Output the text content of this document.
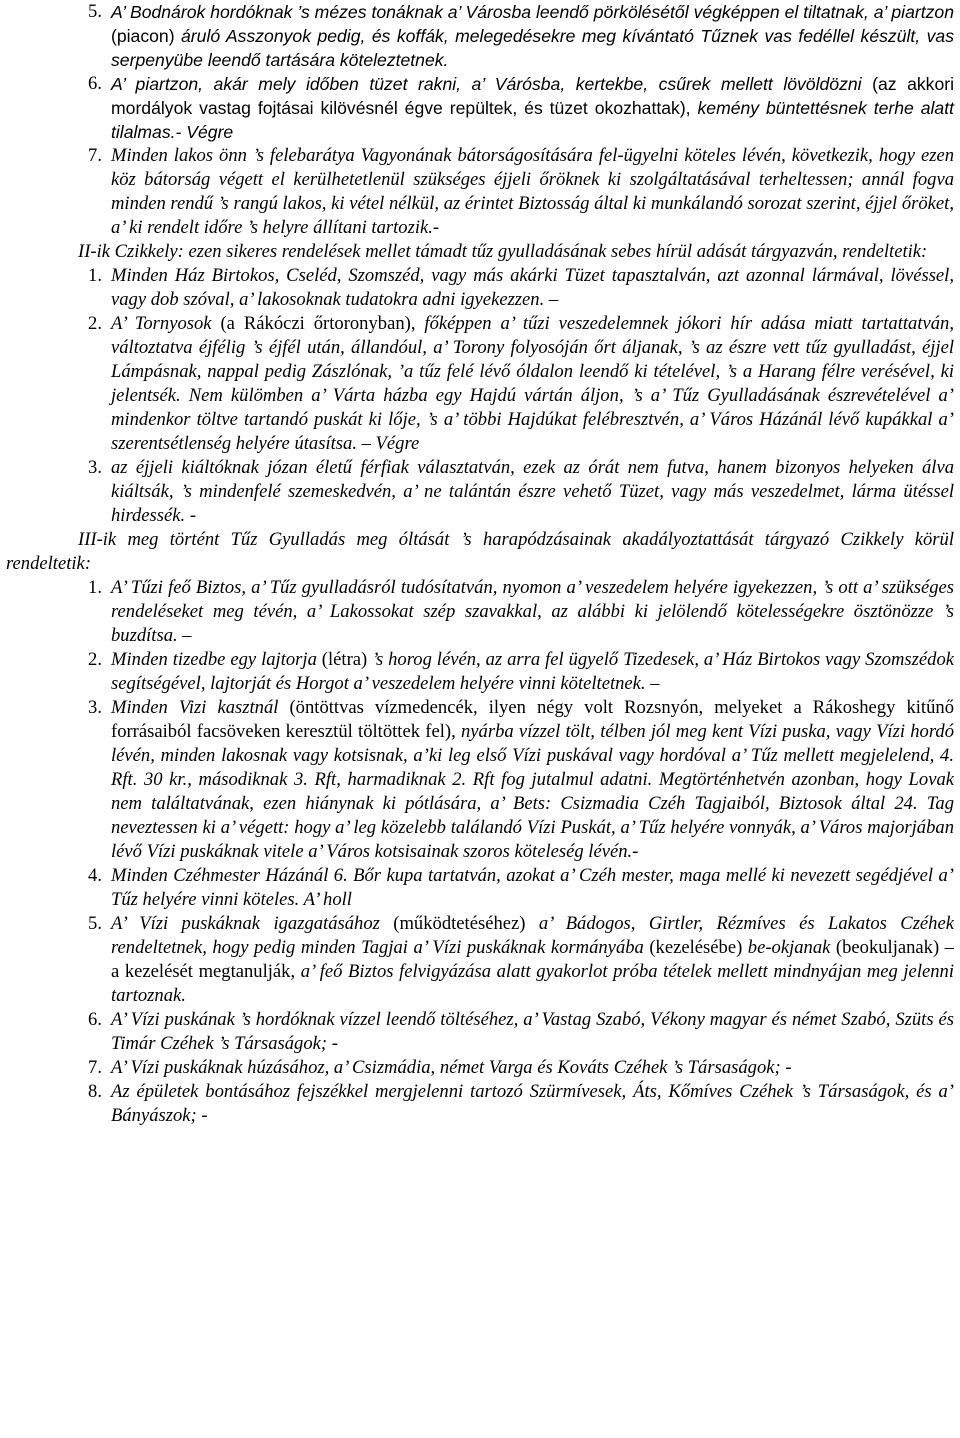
5. A’ Bodnárok hordóknak ’s mézes tonáknak a’ Városba leendő pörkölésétől végképpen el tiltatnak, a’ piartzon (piacon) áruló Asszonyok pedig, és koffák, melegedésekre meg kívántató Tűznek vas fedéllel készült, vas serpenyübe leendő tartására köteleztetnek.
6. A’ piartzon, akár mely időben tüzet rakni, a’ Várósba, kertekbe, csűrek mellett lövöldözni (az akkori mordályok vastag fojtásai kilövésnél égve repültek, és tüzet okozhattak), kemény büntettésnek terhe alatt tilalmas.- Végre
7. Minden lakos önn ’s felebarátya Vagyonának bátorságosítására fel-ügyelni köteles lévén, következik, hogy ezen köz bátorság végett el kerülhetetlenül szükséges éjjeli őröknek ki szolgáltatásával terheltessen; annál fogva minden rendű ’s rangú lakos, ki vétel nélkül, az érintet Biztosság által ki munkálandó sorozat szerint, éjjel őröket, a’ ki rendelt időre ’s helyre állítani tartozik.-
II-ik Czikkely: ezen sikeres rendelések mellet támadt tűz gyulladásának sebes hírül adását tárgyazván, rendeltetik:
1. Minden Ház Birtokos, Cseléd, Szomszéd, vagy más akárki Tüzet tapasztalván, azt azonnal lármával, lövéssel, vagy dob szóval, a’ lakosoknak tudatokra adni igyekezzen. –
2. A’ Tornyosok (a Rákóczi őrtoronyban), főképpen a’ tűzi veszedelemnek jókori hír adása miatt tartattatván, változtatva éjfélig ’s éjfél után, állandóul, a’ Torony folyosóján őrt áljanak, ’s az észre vett tűz gyulladást, éjjel Lámpásnak, nappal pedig Zászlónak, ’a tűz felé lévő óldalon leendő ki tételével, ’s a Harang félre verésével, ki jelentsék. Nem külömben a’ Várta házba egy Hajdú vártán áljon, ’s a’ Tűz Gyulladásának észrevételével a’ mindenkor töltve tartandó puskát ki lője, ’s a’ többi Hajdúkat felébresztvén, a’ Város Házánál lévő kupákkal a’ szerentsétlenség helyére útasítsa. – Végre
3. az éjjeli kiáltóknak józan életű férfiak választatván, ezek az órát nem futva, hanem bizonyos helyeken álva kiáltsák, ’s mindenfelé szemeskedvén, a’ ne talántán észre vehető Tüzet, vagy más veszedelmet, lárma ütéssel hirdessék. -
III-ik meg történt Tűz Gyulladás meg óltását ’s harapódzásainak akadályoztattását tárgyazó Czikkely körül rendeltetik:
1. A’ Tűzi feő Biztos, a’ Tűz gyulladásról tudósítatván, nyomon a’ veszedelem helyére igyekezzen, ’s ott a’ szükséges rendeléseket meg tévén, a’ Lakossokat szép szavakkal, az alábbi ki jelölendő kötelességekre ösztönözze ’s buzdítsa. –
2. Minden tizedbe egy lajtorja (létra) ’s horog lévén, az arra fel ügyelő Tizedesek, a’ Ház Birtokos vagy Szomszédok segítségével, lajtorját és Horgot a’ veszedelem helyére vinni köteltetnek. –
3. Minden Vizi kasztnál (öntöttvas vízmedencék, ilyen négy volt Rozsnyón, melyeket a Rákoshegy kitűnő forrásaiból facsöveken keresztül töltöttek fel), nyárba vízzel tölt, télben jól meg kent Vízi puska, vagy Vízi hordó lévén, minden lakosnak vagy kotsisnak, a’ki leg első Vízi puskával vagy hordóval a’ Tűz mellett megjelelend, 4. Rft. 30 kr., másodiknak 3. Rft, harmadiknak 2. Rft fog jutalmul adatni. Megtörténhetvén azonban, hogy Lovak nem találtatvának, ezen hiánynak ki pótlására, a’ Bets: Csizmadia Czéh Tagjaiból, Biztosok által 24. Tag neveztessen ki a’ végett: hogy a’ leg közelebb találandó Vízi Puskát, a’ Tűz helyére vonnyák, a’ Város majorjában lévő Vízi puskáknak vitele a’ Város kotsisainak szoros köteleség lévén.-
4. Minden Czéhmester Házánál 6. Bőr kupa tartatván, azokat a’ Czéh mester, maga mellé ki nevezett segédjével a’ Tűz helyére vinni köteles. A’ holl
5. A’ Vízi puskáknak igazgatásához (működtetéséhez) a’ Bádogos, Girtler, Rézmíves és Lakatos Czéhek rendeltetnek, hogy pedig minden Tagjai a’ Vízi puskáknak kormányába (kezelésébe) be-okjanak (beokuljanak) – a kezelését megtanulják, a’ feő Biztos felvigyázása alatt gyakorlot próba tételek mellett mindnyájan meg jelenni tartoznak.
6. A’ Vízi puskának ’s hordóknak vízzel leendő töltéséhez, a’ Vastag Szabó, Vékony magyar és német Szabó, Szüts és Timár Czéhek ’s Társaságok; -
7. A’ Vízi puskáknak húzásához, a’ Csizmádia, német Varga és Kováts Czéhek ’s Társaságok; -
8. Az épületek bontásához fejszékkel mergjelenni tartozó Szürmívesek, Áts, Kőmíves Czéhek ’s Társaságok, és a’ Bányászok; -
